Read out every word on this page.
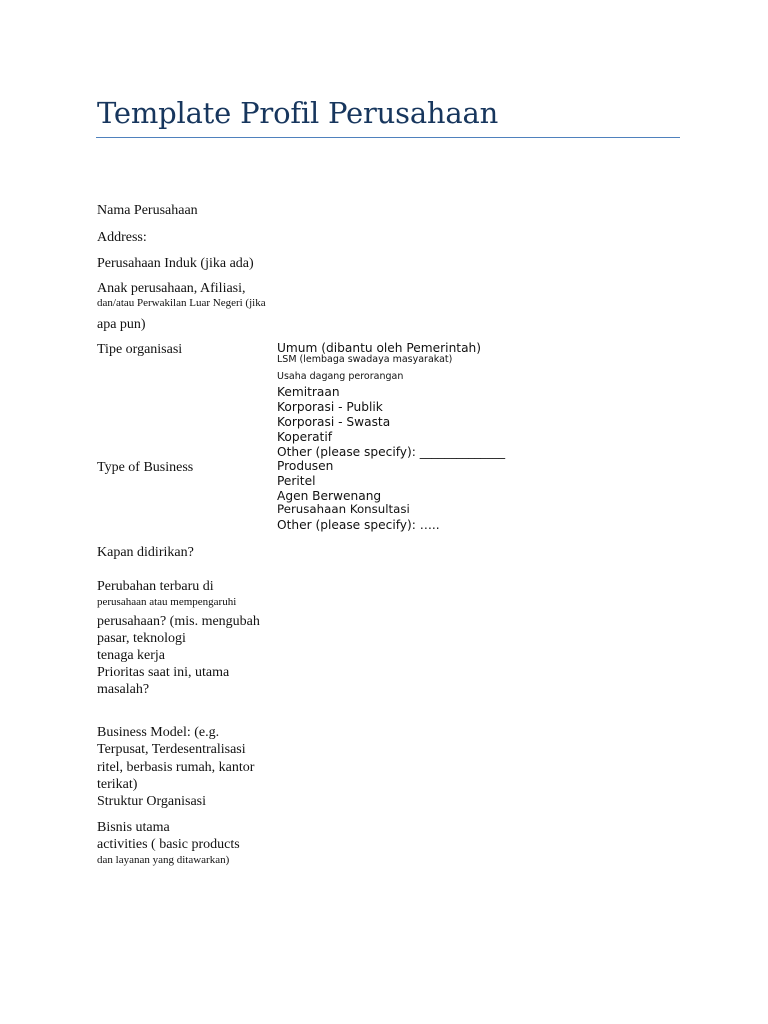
Template Profil Perusahaan
Nama Perusahaan
Address:
Perusahaan Induk (jika ada)
Anak perusahaan, Afiliasi,
dan/atau Perwakilan Luar Negeri (jika
apa pun)
Tipe organisasi
Type of Business
Kapan didirikan?
Perubahan terbaru di
perusahaan atau mempengaruhi
perusahaan? (mis. mengubah
pasar, teknologi
tenaga kerja
Prioritas saat ini, utama
masalah?
Business Model: (e.g.
Terpusat, Terdesentralisasi
ritel, berbasis rumah, kantor
terikat)
Struktur Organisasi
Bisnis utama
activities ( basic products
dan layanan yang ditawarkan)
Umum (dibantu oleh Pemerintah)
LSM (lembaga swadaya masyarakat)
Usaha dagang perorangan
Kemitraan
Korporasi - Publik
Korporasi - Swasta
Koperatif
Other (please specify): ______________
Produsen
Peritel
Agen Berwenang
Perusahaan Konsultasi
Other (please specify): …..
